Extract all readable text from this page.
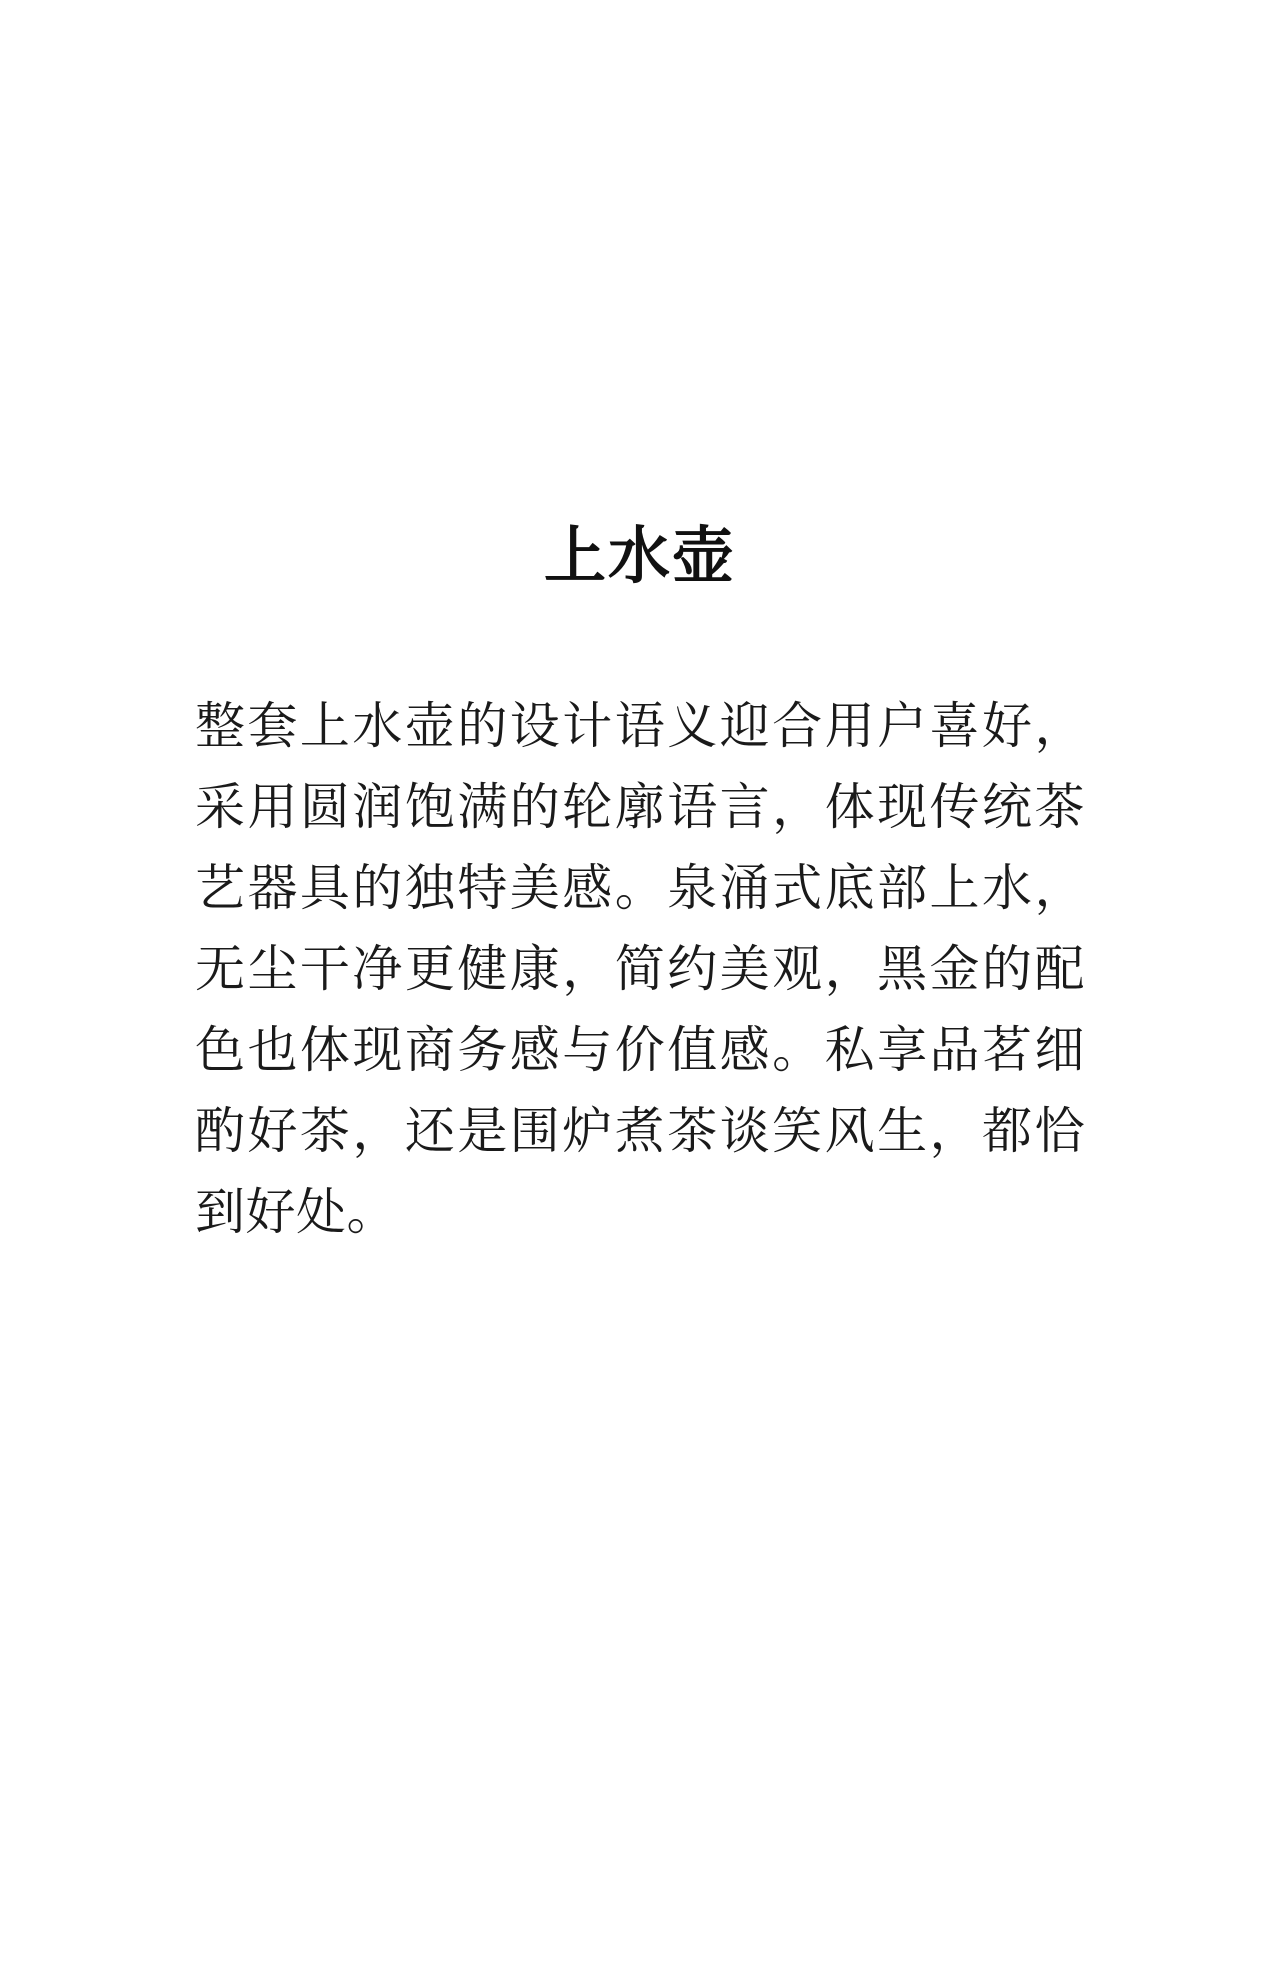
上水壶

整套上水壶的设计语义迎合用户喜好，采用圆润饱满的轮廓语言，体现传统茶艺器具的独特美感。泉涌式底部上水，无尘干净更健康，简约美观，黑金的配色也体现商务感与价值感。私享品茗细酌好茶，还是围炉煮茶谈笑风生，都恰到好处。
